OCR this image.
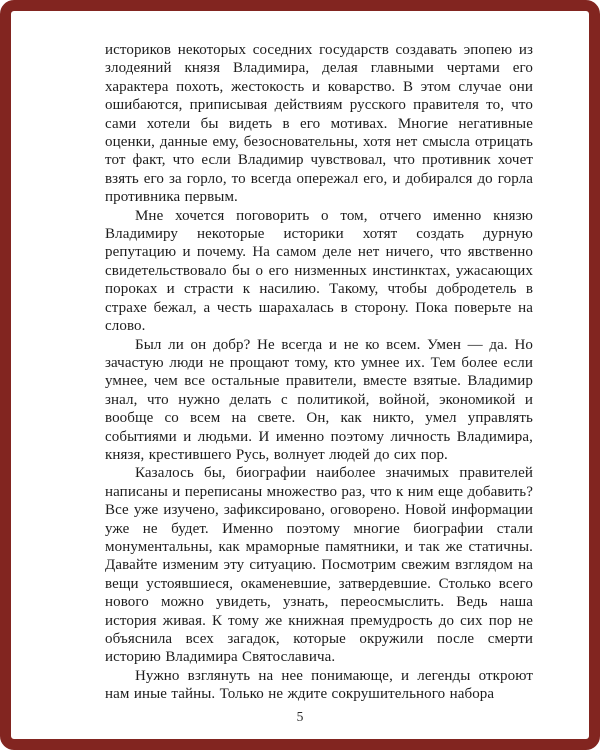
историков некоторых соседних государств создавать эпопею из злодеяний князя Владимира, делая главными чертами его характера похоть, жестокость и коварство. В этом случае они ошибаются, приписывая действиям русского правителя то, что сами хотели бы видеть в его мотивах. Многие негативные оценки, данные ему, безосновательны, хотя нет смысла отрицать тот факт, что если Владимир чувствовал, что противник хочет взять его за горло, то всегда опережал его, и добирался до горла противника первым.

Мне хочется поговорить о том, отчего именно князю Владимиру некоторые историки хотят создать дурную репутацию и почему. На самом деле нет ничего, что явственно свидетельствовало бы о его низменных инстинктах, ужасающих пороках и страсти к насилию. Такому, чтобы добродетель в страхе бежал, а честь шарахалась в сторону. Пока поверьте на слово.

Был ли он добр? Не всегда и не ко всем. Умен — да. Но зачастую люди не прощают тому, кто умнее их. Тем более если умнее, чем все остальные правители, вместе взятые. Владимир знал, что нужно делать с политикой, войной, экономикой и вообще со всем на свете. Он, как никто, умел управлять событиями и людьми. И именно поэтому личность Владимира, князя, крестившего Русь, волнует людей до сих пор.

Казалось бы, биографии наиболее значимых правителей написаны и переписаны множество раз, что к ним еще добавить? Все уже изучено, зафиксировано, оговорено. Новой информации уже не будет. Именно поэтому многие биографии стали монументальны, как мраморные памятники, и так же статичны. Давайте изменим эту ситуацию. Посмотрим свежим взглядом на вещи устоявшиеся, окаменевшие, затвердевшие. Столько всего нового можно увидеть, узнать, переосмыслить. Ведь наша история живая. К тому же книжная премудрость до сих пор не объяснила всех загадок, которые окружили после смерти историю Владимира Святославича.

Нужно взглянуть на нее понимающе, и легенды откроют нам иные тайны. Только не ждите сокрушительного набора

5
